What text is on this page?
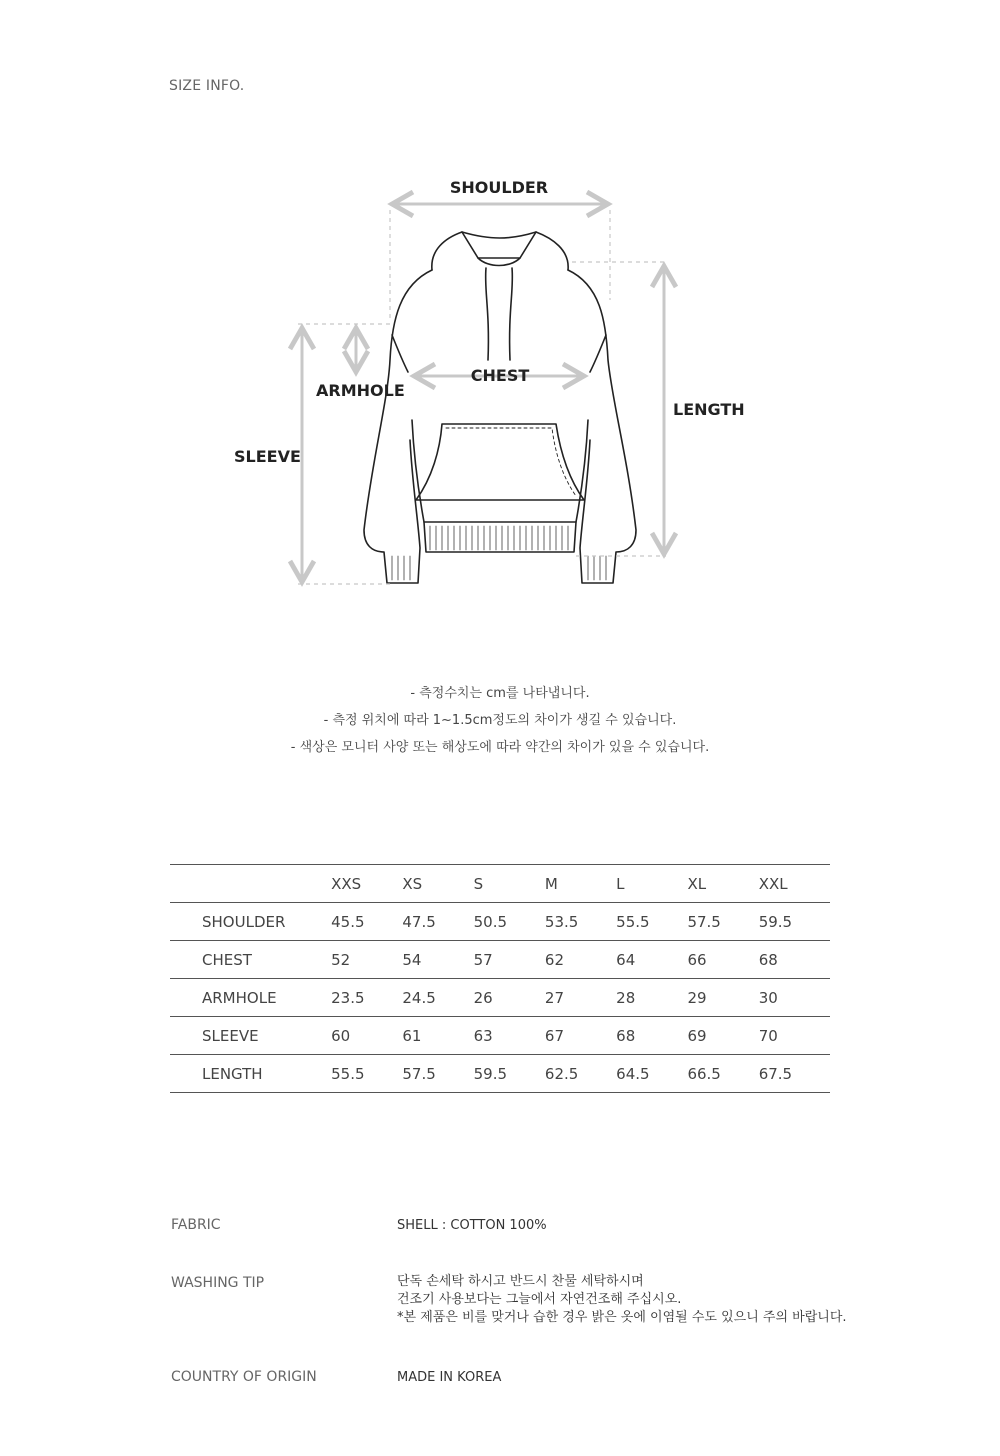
SIZE INFO.
SHOULDER
CHEST
ARMHOLE
LENGTH
SLEEVE
- 측정수치는 cm를 나타냅니다.
- 측정 위치에 따라 1~1.5cm정도의 차이가 생길 수 있습니다.
- 색상은 모니터 사양 또는 해상도에 따라 약간의 차이가 있을 수 있습니다.
	XXS	XS	S	M	L	XL	XXL
SHOULDER	45.5	47.5	50.5	53.5	55.5	57.5	59.5
CHEST	52	54	57	62	64	66	68
ARMHOLE	23.5	24.5	26	27	28	29	30
SLEEVE	60	61	63	67	68	69	70
LENGTH	55.5	57.5	59.5	62.5	64.5	66.5	67.5
FABRIC	SHELL : COTTON 100%
WASHING TIP	단독 손세탁 하시고 반드시 찬물 세탁하시며
건조기 사용보다는 그늘에서 자연건조해 주십시오.
*본 제품은 비를 맞거나 습한 경우 밝은 옷에 이염될 수도 있으니 주의 바랍니다.
COUNTRY OF ORIGIN	MADE IN KOREA
